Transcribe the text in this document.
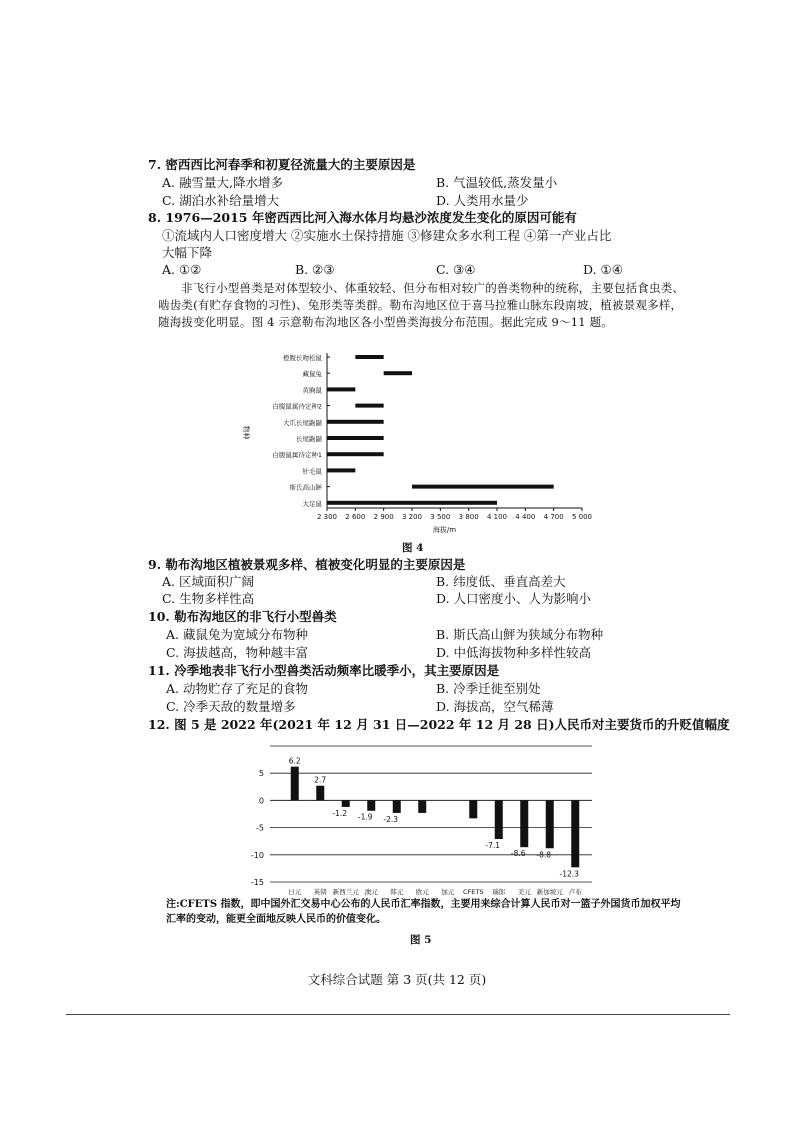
7. 密西西比河春季和初夏径流量大的主要原因是
A. 融雪量大,降水增多	B. 气温较低,蒸发量小
C. 湖泊水补给量增大	D. 人类用水量少
8. 1976—2015 年密西西比河入海水体月均悬沙浓度发生变化的原因可能有
①流域内人口密度增大 ②实施水土保持措施 ③修建众多水利工程 ④第一产业占比
大幅下降
A. ①②	B. ②③	C. ③④	D. ①④
非飞行小型兽类是对体型较小、体重较轻、但分布相对较广的兽类物种的统称，主要包括食虫类、啮齿类(有贮存食物的习性)、兔形类等类群。勒布沟地区位于喜马拉雅山脉东段南坡，植被景观多样，随海拔变化明显。图 4 示意勒布沟地区各小型兽类海拔分布范围。据此完成 9～11 题。
橙腹长吻松鼠
藏鼠兔
黄胸鼠
白腹鼠属待定种2
大爪长尾鼩鼱
长尾鼩鼱
白腹鼠属待定种1
针毛鼠
斯氏高山鮃
大足鼠
2 300 2 600 2 900 3 200 3 500 3 800 4 100 4 400 4 700 5 000
海拔/m
物种
图 4
9. 勒布沟地区植被景观多样、植被变化明显的主要原因是
A. 区域面积广阔	B. 纬度低、垂直高差大
C. 生物多样性高	D. 人口密度小、人为影响小
10. 勒布沟地区的非飞行小型兽类
A. 藏鼠兔为宽域分布物种	B. 斯氏高山鮃为狭域分布物种
C. 海拔越高，物种越丰富	D. 中低海拔物种多样性较高
11. 冷季地表非飞行小型兽类活动频率比暖季小，其主要原因是
A. 动物贮存了充足的食物	B. 冷季迁徙至别处
C. 冷季天敌的数量增多	D. 海拔高，空气稀薄
12. 图 5 是 2022 年(2021 年 12 月 31 日—2022 年 12 月 28 日)人民币对主要货币的升贬值幅度
5
0
-5
-10
-15
6.2
日元
2.7
英镑
-1.2
新西兰元
-1.9
澳元
-2.3
韩元 欧元 加元 CFETS
-7.1
瑞郎
-8.6
美元
-8.8
新加坡元
-12.3
卢布
注:CFETS 指数，即中国外汇交易中心公布的人民币汇率指数，主要用来综合计算人民币对一篮子外国货币加权平均汇率的变动，能更全面地反映人民币的价值变化。
图 5
文科综合试题 第 3 页(共 12 页)
